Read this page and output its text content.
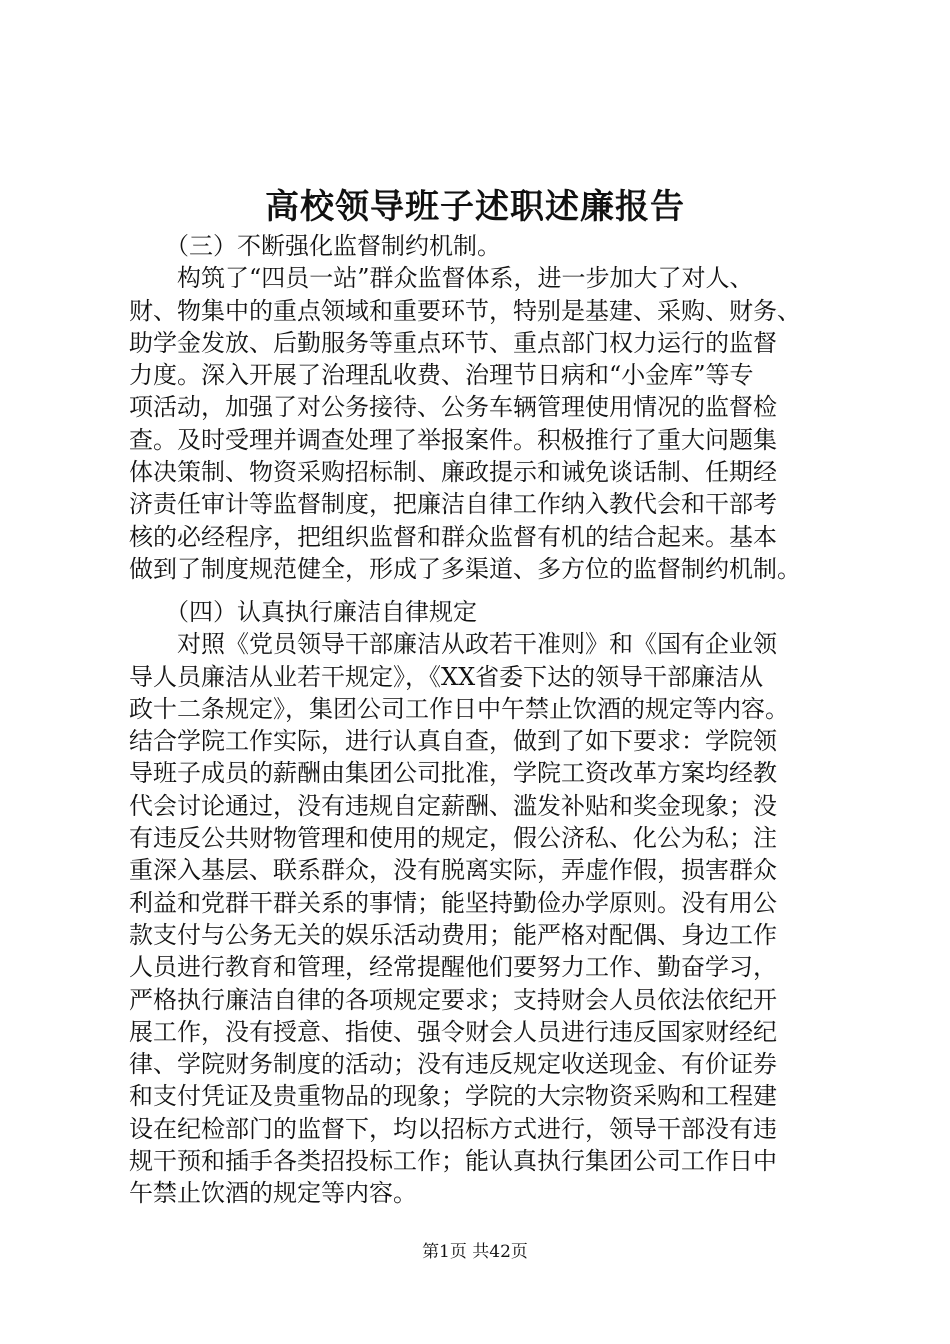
高校领导班子述职述廉报告
　　（三）不断强化监督制约机制。
　　构筑了“四员一站”群众监督体系，进一步加大了对人、
财、物集中的重点领域和重要环节，特别是基建、采购、财务、
助学金发放、后勤服务等重点环节、重点部门权力运行的监督
力度。深入开展了治理乱收费、治理节日病和“小金库”等专
项活动，加强了对公务接待、公务车辆管理使用情况的监督检
查。及时受理并调查处理了举报案件。积极推行了重大问题集
体决策制、物资采购招标制、廉政提示和诫免谈话制、任期经
济责任审计等监督制度，把廉洁自律工作纳入教代会和干部考
核的必经程序，把组织监督和群众监督有机的结合起来。基本
做到了制度规范健全，形成了多渠道、多方位的监督制约机制。
　　（四）认真执行廉洁自律规定
　　对照《党员领导干部廉洁从政若干准则》和《国有企业领
导人员廉洁从业若干规定》，《XX省委下达的领导干部廉洁从
政十二条规定》，集团公司工作日中午禁止饮酒的规定等内容。
结合学院工作实际，进行认真自查，做到了如下要求：学院领
导班子成员的薪酬由集团公司批准，学院工资改革方案均经教
代会讨论通过，没有违规自定薪酬、滥发补贴和奖金现象；没
有违反公共财物管理和使用的规定，假公济私、化公为私；注
重深入基层、联系群众，没有脱离实际，弄虚作假，损害群众
利益和党群干群关系的事情；能坚持勤俭办学原则。没有用公
款支付与公务无关的娱乐活动费用；能严格对配偶、身边工作
人员进行教育和管理，经常提醒他们要努力工作、勤奋学习，
严格执行廉洁自律的各项规定要求；支持财会人员依法依纪开
展工作，没有授意、指使、强令财会人员进行违反国家财经纪
律、学院财务制度的活动；没有违反规定收送现金、有价证券
和支付凭证及贵重物品的现象；学院的大宗物资采购和工程建
设在纪检部门的监督下，均以招标方式进行，领导干部没有违
规干预和插手各类招投标工作；能认真执行集团公司工作日中
午禁止饮酒的规定等内容。
第1页 共42页
